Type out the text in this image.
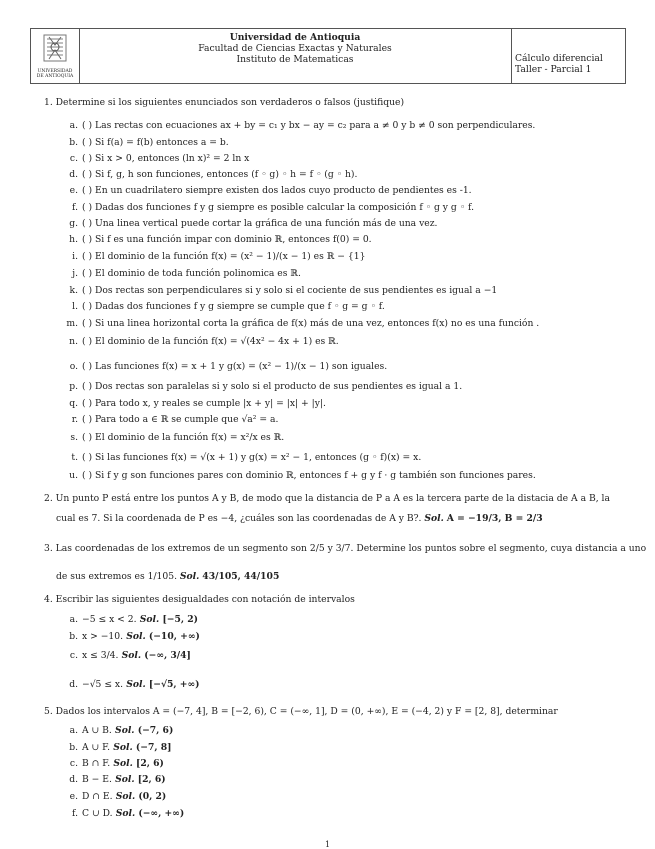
UNIVERSIDAD
DE ANTIOQUIA
Universidad de Antioquia
Facultad de Ciencias Exactas y Naturales
Instituto de Matematicas	Cálculo diferencial
Taller - Parcial 1
1. Determine si los siguientes enunciados son verdaderos o falsos (justifique)
a. ( ) Las rectas con ecuaciones ax + by = c₁ y bx − ay = c₂ para a ≠ 0 y b ≠ 0 son perpendiculares.
b. ( ) Si f(a) = f(b) entonces a = b.
c. ( ) Si x > 0, entonces (ln x)² = 2 ln x
d. ( ) Si f, g, h son funciones, entonces (f ◦ g) ◦ h = f ◦ (g ◦ h).
e. ( ) En un cuadrilatero siempre existen dos lados cuyo producto de pendientes es -1.
f. ( ) Dadas dos funciones f y g siempre es posible calcular la composición f ◦ g y g ◦ f.
g. ( ) Una linea vertical puede cortar la gráfica de una función más de una vez.
h. ( ) Si f es una función impar con dominio ℝ, entonces f(0) = 0.
i. ( ) El dominio de la función f(x) = (x² − 1)/(x − 1) es ℝ − {1}
j. ( ) El dominio de toda función polinomica es ℝ.
k. ( ) Dos rectas son perpendiculares si y solo si el cociente de sus pendientes es igual a −1
l. ( ) Dadas dos funciones f y g siempre se cumple que f ◦ g = g ◦ f.
m. ( ) Si una linea horizontal corta la gráfica de f(x) más de una vez, entonces f(x) no es una función .
n. ( ) El dominio de la función f(x) = √(4x² − 4x + 1) es ℝ.
o. ( ) Las funciones f(x) = x + 1 y g(x) = (x² − 1)/(x − 1) son iguales.
p. ( ) Dos rectas son paralelas si y solo si el producto de sus pendientes es igual a 1.
q. ( ) Para todo x, y reales se cumple |x + y| = |x| + |y|.
r. ( ) Para todo a ∈ ℝ se cumple que √a² = a.
s. ( ) El dominio de la función f(x) = x²/x es ℝ.
t. ( ) Si las funciones f(x) = √(x + 1) y g(x) = x² − 1, entonces (g ◦ f)(x) = x.
u. ( ) Si f y g son funciones pares con dominio ℝ, entonces f + g y f · g también son funciones pares.
2. Un punto P está entre los puntos A y B, de modo que la distancia de P a A es la tercera parte de la distacia de A a B, la
cual es 7. Si la coordenada de P es −4, ¿cuáles son las coordenadas de A y B?. Sol. A = −19/3, B = 2/3
3. Las coordenadas de los extremos de un segmento son 2/5 y 3/7. Determine los puntos sobre el segmento, cuya distancia a uno
de sus extremos es 1/105. Sol. 43/105, 44/105
4. Escribir las siguientes desigualdades con notación de intervalos
a. −5 ≤ x < 2. Sol. [−5, 2)
b. x > −10. Sol. (−10, +∞)
c. x ≤ 3/4. Sol. (−∞, 3/4]
d. −√5 ≤ x. Sol. [−√5, +∞)
5. Dados los intervalos A = (−7, 4], B = [−2, 6), C = (−∞, 1], D = (0, +∞), E = (−4, 2) y F = [2, 8], determinar
a. A ∪ B. Sol. (−7, 6)
b. A ∪ F. Sol. (−7, 8]
c. B ∩ F. Sol. [2, 6)
d. B − E. Sol. [2, 6)
e. D ∩ E. Sol. (0, 2)
f. C ∪ D. Sol. (−∞, +∞)
1
